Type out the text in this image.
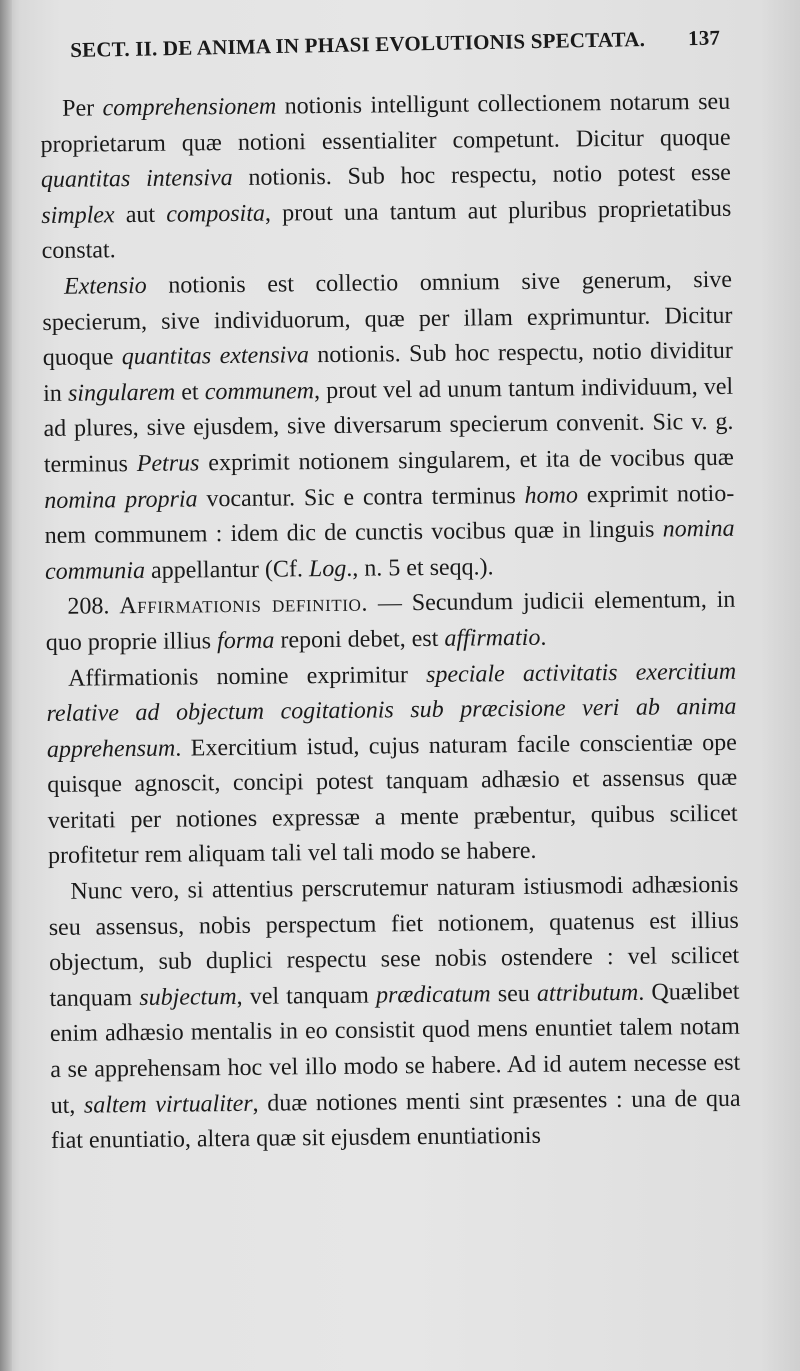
SECT. II. DE ANIMA IN PHASI EVOLUTIONIS SPECTATA. 137

Per comprehensionem notionis intelligunt collectionem notarum seu proprietarum quæ notioni essentialiter competunt. Dicitur quoque quantitas intensiva notionis. Sub hoc respectu, notio potest esse simplex aut composita, prout una tantum aut pluribus proprietatibus constat.

Extensio notionis est collectio omnium sive generum, sive specierum, sive individuorum, quæ per illam exprimuntur. Dicitur quoque quantitas extensiva notionis. Sub hoc respectu, notio dividitur in singularem et communem, prout vel ad unum tantum individuum, vel ad plures, sive ejusdem, sive diversarum specierum convenit. Sic v. g. terminus Petrus exprimit notionem singularem, et ita de vocibus quæ nomina propria vocantur. Sic e contra terminus homo exprimit notionem communem : idem dic de cunctis vocibus quæ in linguis nomina communia appellantur (Cf. Log., n. 5 et seqq.).

208. Affirmationis definitio. — Secundum judicii elementum, in quo proprie illius forma reponi debet, est affirmatio.

Affirmationis nomine exprimitur speciale activitatis exercitium relative ad objectum cogitationis sub præcisione veri ab anima apprehensum. Exercitium istud, cujus naturam facile conscientiæ ope quisque agnoscit, concipi potest tanquam adhæsio et assensus quæ veritati per notiones expressæ a mente præbentur, quibus scilicet profitetur rem aliquam tali vel tali modo se habere.

Nunc vero, si attentius perscrutemur naturam istiusmodi adhæsionis seu assensus, nobis perspectum fiet notionem, quatenus est illius objectum, sub duplici respectu sese nobis ostendere : vel scilicet tanquam subjectum, vel tanquam prædicatum seu attributum. Quælibet enim adhæsio mentalis in eo consistit quod mens enuntiet talem notam a se apprehensam hoc vel illo modo se habere. Ad id autem necesse est ut, saltem virtualiter, duæ notiones menti sint præsentes : una de qua fiat enuntiatio, altera quæ sit ejusdem enuntiationis
